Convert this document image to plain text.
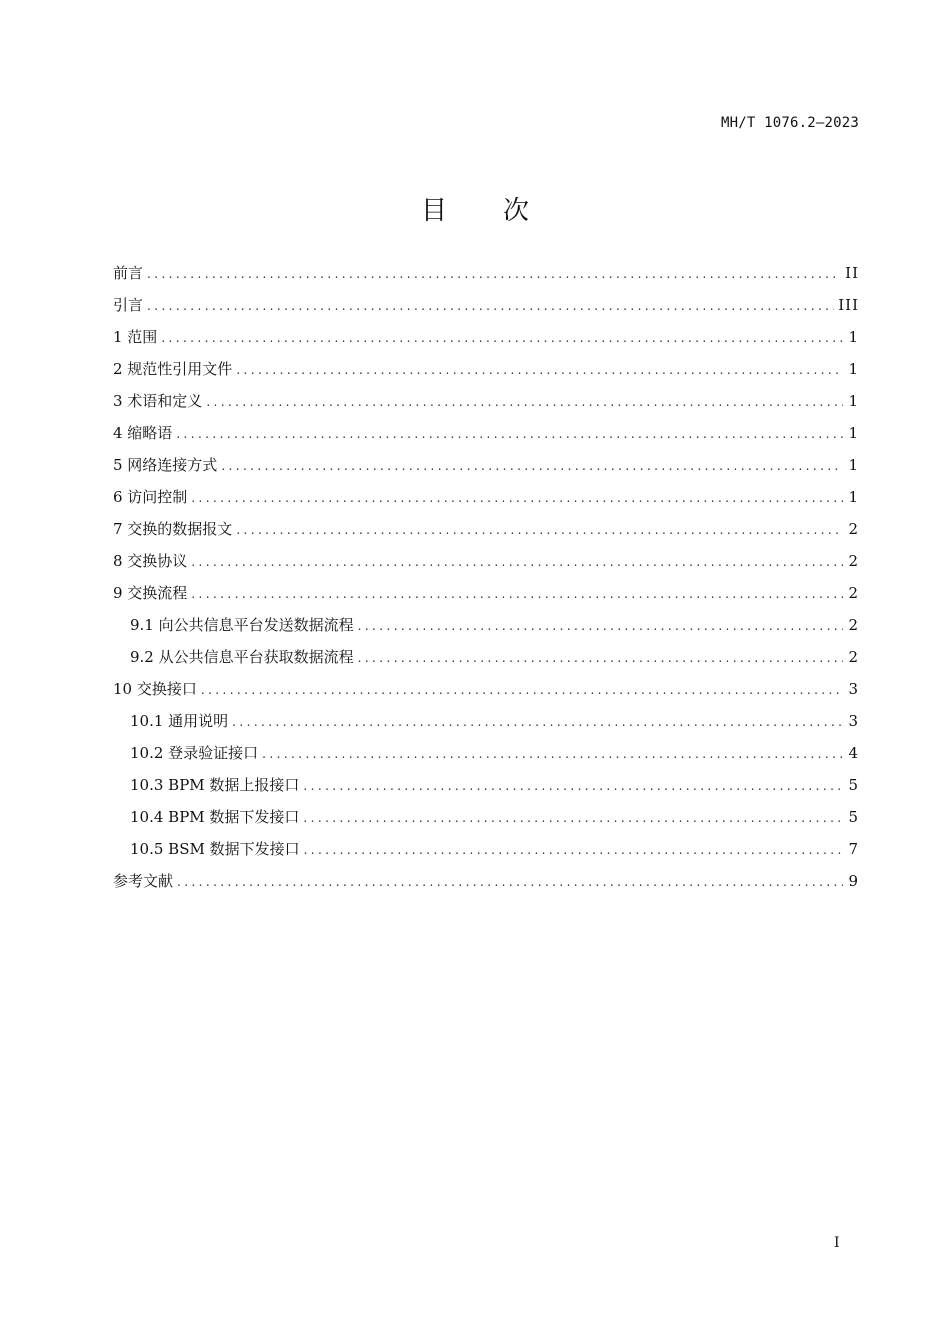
MH/T 1076.2—2023
目 次
前言 .....	II
引言 .....	III
1 范围 .....	1
2 规范性引用文件 .....	1
3 术语和定义 .....	1
4 缩略语 .....	1
5 网络连接方式 .....	1
6 访问控制 .....	1
7 交换的数据报文 .....	2
8 交换协议 .....	2
9 交换流程 .....	2
9.1 向公共信息平台发送数据流程 .....	2
9.2 从公共信息平台获取数据流程 .....	2
10 交换接口 .....	3
10.1 通用说明 .....	3
10.2 登录验证接口 .....	4
10.3 BPM 数据上报接口 .....	5
10.4 BPM 数据下发接口 .....	5
10.5 BSM 数据下发接口 .....	7
参考文献 .....	9
I
